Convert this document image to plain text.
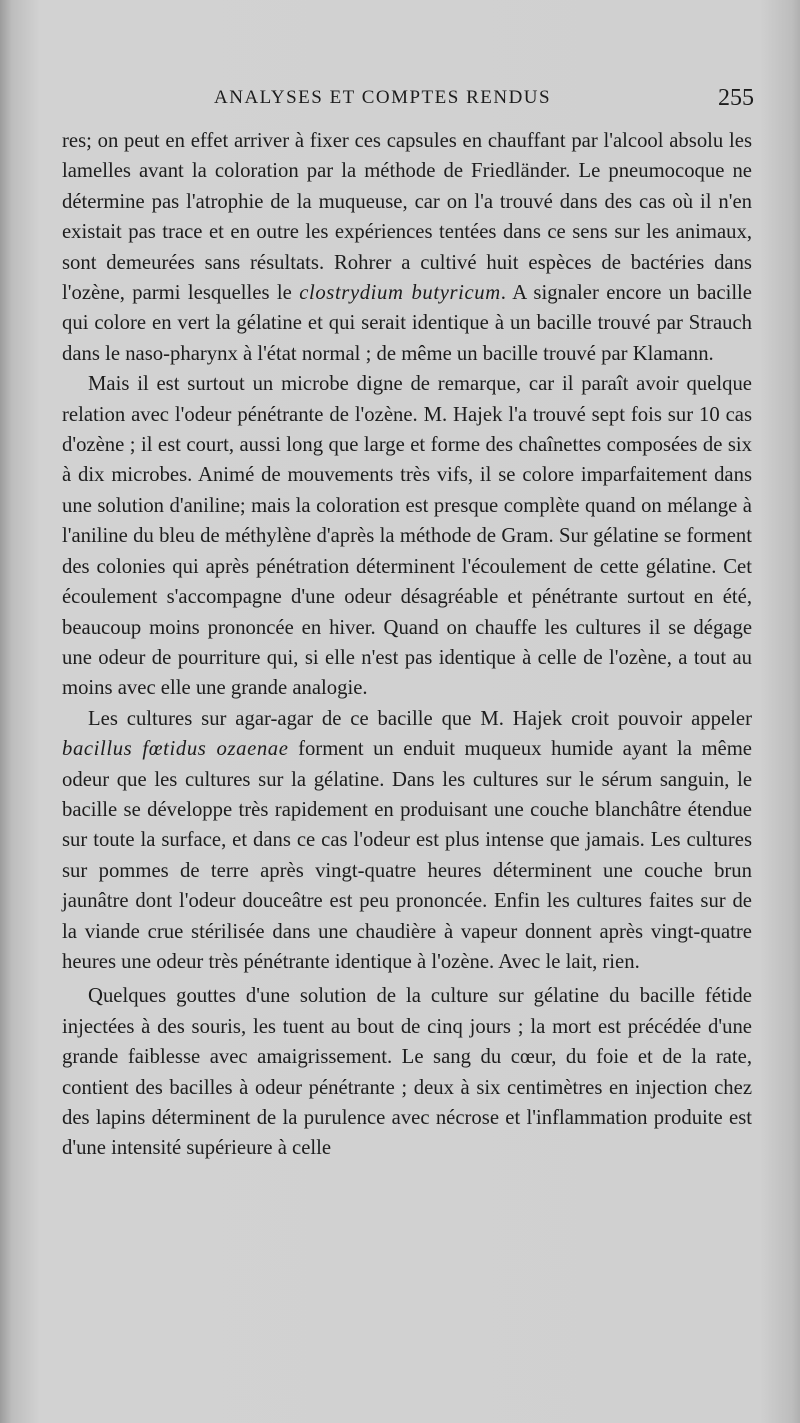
ANALYSES ET COMPTES RENDUS	255

res; on peut en effet arriver à fixer ces capsules en chauffant par l'alcool absolu les lamelles avant la coloration par la méthode de Friedländer. Le pneumocoque ne détermine pas l'atrophie de la muqueuse, car on l'a trouvé dans des cas où il n'en existait pas trace et en outre les expériences tentées dans ce sens sur les animaux, sont demeurées sans résultats. Rohrer a cultivé huit espèces de bactéries dans l'ozène, parmi lesquelles le clostrydium butyricum. A signaler encore un bacille qui colore en vert la gélatine et qui serait identique à un bacille trouvé par Strauch dans le naso-pharynx à l'état normal ; de même un bacille trouvé par Klamann.

Mais il est surtout un microbe digne de remarque, car il paraît avoir quelque relation avec l'odeur pénétrante de l'ozène. M. Hajek l'a trouvé sept fois sur 10 cas d'ozène ; il est court, aussi long que large et forme des chaînettes composées de six à dix microbes. Animé de mouvements très vifs, il se colore imparfaitement dans une solution d'aniline; mais la coloration est presque complète quand on mélange à l'aniline du bleu de méthylène d'après la méthode de Gram. Sur gélatine se forment des colonies qui après pénétration déterminent l'écoulement de cette gélatine. Cet écoulement s'accompagne d'une odeur désagréable et pénétrante surtout en été, beaucoup moins prononcée en hiver. Quand on chauffe les cultures il se dégage une odeur de pourriture qui, si elle n'est pas identique à celle de l'ozène, a tout au moins avec elle une grande analogie.

Les cultures sur agar-agar de ce bacille que M. Hajek croit pouvoir appeler bacillus fœtidus ozaenae forment un enduit muqueux humide ayant la même odeur que les cultures sur la gélatine. Dans les cultures sur le sérum sanguin, le bacille se développe très rapidement en produisant une couche blanchâtre étendue sur toute la surface, et dans ce cas l'odeur est plus intense que jamais. Les cultures sur pommes de terre après vingt-quatre heures déterminent une couche brun jaunâtre dont l'odeur douceâtre est peu prononcée. Enfin les cultures faites sur de la viande crue stérilisée dans une chaudière à vapeur donnent après vingt-quatre heures une odeur très pénétrante identique à l'ozène. Avec le lait, rien.

Quelques gouttes d'une solution de la culture sur gélatine du bacille fétide injectées à des souris, les tuent au bout de cinq jours ; la mort est précédée d'une grande faiblesse avec amaigrissement. Le sang du cœur, du foie et de la rate, contient des bacilles à odeur pénétrante ; deux à six centimètres en injection chez des lapins déterminent de la purulence avec nécrose et l'inflammation produite est d'une intensité supérieure à celle
